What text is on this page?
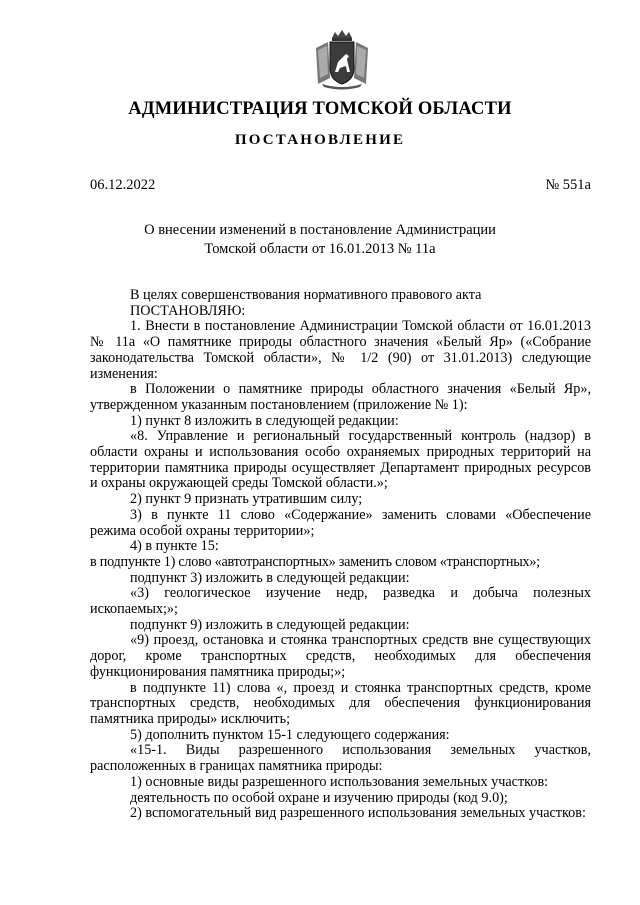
АДМИНИСТРАЦИЯ ТОМСКОЙ ОБЛАСТИ
ПОСТАНОВЛЕНИЕ
06.12.2022	№ 551а
О внесении изменений в постановление Администрации
Томской области от 16.01.2013 № 11а

В целях совершенствования нормативного правового акта

ПОСТАНОВЛЯЮ:

1. Внести в постановление Администрации Томской области от 16.01.2013 № 11а «О памятнике природы областного значения «Белый Яр» («Собрание законодательства Томской области», № 1/2 (90) от 31.01.2013) следующие изменения:

в Положении о памятнике природы областного значения «Белый Яр», утвержденном указанным постановлением (приложение № 1):

1) пункт 8 изложить в следующей редакции:

«8. Управление и региональный государственный контроль (надзор) в области охраны и использования особо охраняемых природных территорий на территории памятника природы осуществляет Департамент природных ресурсов и охраны окружающей среды Томской области.»;

2) пункт 9 признать утратившим силу;

3) в пункте 11 слово «Содержание» заменить словами «Обеспечение режима особой охраны территории»;

4) в пункте 15:

в подпункте 1) слово «автотранспортных» заменить словом «транспортных»;

подпункт 3) изложить в следующей редакции:

«3) геологическое изучение недр, разведка и добыча полезных ископаемых;»;

подпункт 9) изложить в следующей редакции:

«9) проезд, остановка и стоянка транспортных средств вне существующих дорог, кроме транспортных средств, необходимых для обеспечения функционирования памятника природы;»;

в подпункте 11) слова «, проезд и стоянка транспортных средств, кроме транспортных средств, необходимых для обеспечения функционирования памятника природы» исключить;

5) дополнить пунктом 15-1 следующего содержания:

«15-1. Виды разрешенного использования земельных участков, расположенных в границах памятника природы:

1) основные виды разрешенного использования земельных участков:

деятельность по особой охране и изучению природы (код 9.0);

2) вспомогательный вид разрешенного использования земельных участков:
